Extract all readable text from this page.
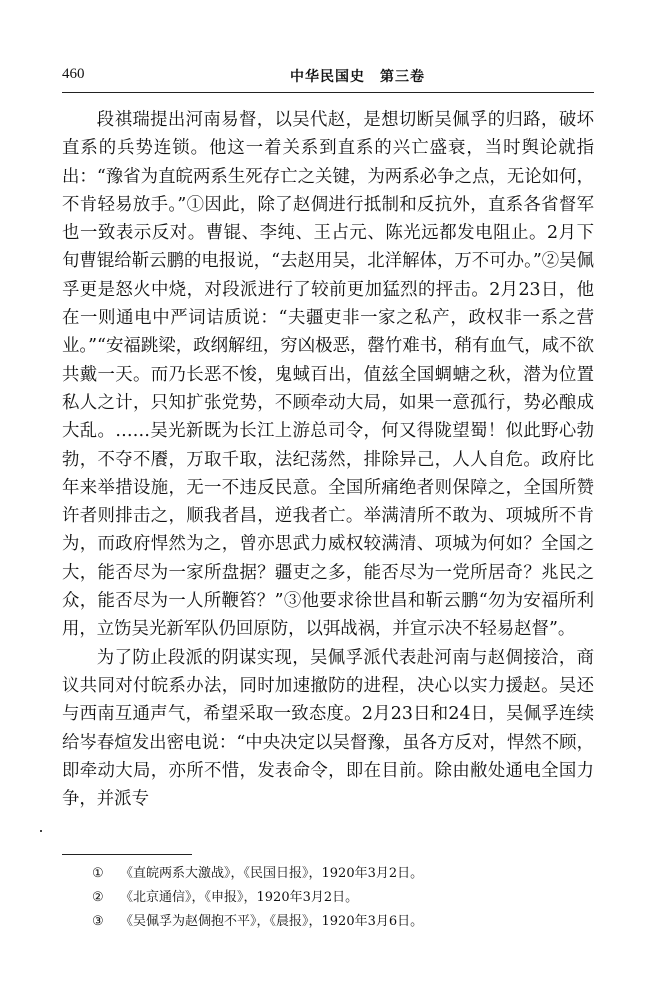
460	中华民国史　第三卷

段祺瑞提出河南易督，以吴代赵，是想切断吴佩孚的归路，破坏直系的兵势连锁。他这一着关系到直系的兴亡盛衰，当时舆论就指出：“豫省为直皖两系生死存亡之关键，为两系必争之点，无论如何，不肯轻易放手。”①因此，除了赵倜进行抵制和反抗外，直系各省督军也一致表示反对。曹锟、李纯、王占元、陈光远都发电阻止。2月下旬曹锟给靳云鹏的电报说，“去赵用吴，北洋解体，万不可办。”②吴佩孚更是怒火中烧，对段派进行了较前更加猛烈的抨击。2月23日，他在一则通电中严词诘质说：“夫疆吏非一家之私产，政权非一系之营业。”“安福跳梁，政纲解纽，穷凶极恶，罄竹难书，稍有血气，咸不欲共戴一天。而乃长恶不悛，鬼蜮百出，值兹全国蜩螗之秋，潜为位置私人之计，只知扩张党势，不顾牵动大局，如果一意孤行，势必酿成大乱。……吴光新既为长江上游总司令，何又得陇望蜀！似此野心勃勃，不夺不餍，万取千取，法纪荡然，排除异己，人人自危。政府比年来举措设施，无一不违反民意。全国所痛绝者则保障之，全国所赞许者则排击之，顺我者昌，逆我者亡。举满清所不敢为、项城所不肯为，而政府悍然为之，曾亦思武力威权较满清、项城为何如？全国之大，能否尽为一家所盘据？疆吏之多，能否尽为一党所居奇？兆民之众，能否尽为一人所鞭笞？”③他要求徐世昌和靳云鹏“勿为安福所利用，立饬吴光新军队仍回原防，以弭战祸，并宣示决不轻易赵督”。

为了防止段派的阴谋实现，吴佩孚派代表赴河南与赵倜接洽，商议共同对付皖系办法，同时加速撤防的进程，决心以实力援赵。吴还与西南互通声气，希望采取一致态度。2月23日和24日，吴佩孚连续给岑春煊发出密电说：“中央决定以吴督豫，虽各方反对，悍然不顾，即牵动大局，亦所不惜，发表命令，即在目前。除由敝处通电全国力争，并派专

① 《直皖两系大激战》，《民国日报》，1920年3月2日。
② 《北京通信》，《申报》，1920年3月2日。
③ 《吴佩孚为赵倜抱不平》，《晨报》，1920年3月6日。
